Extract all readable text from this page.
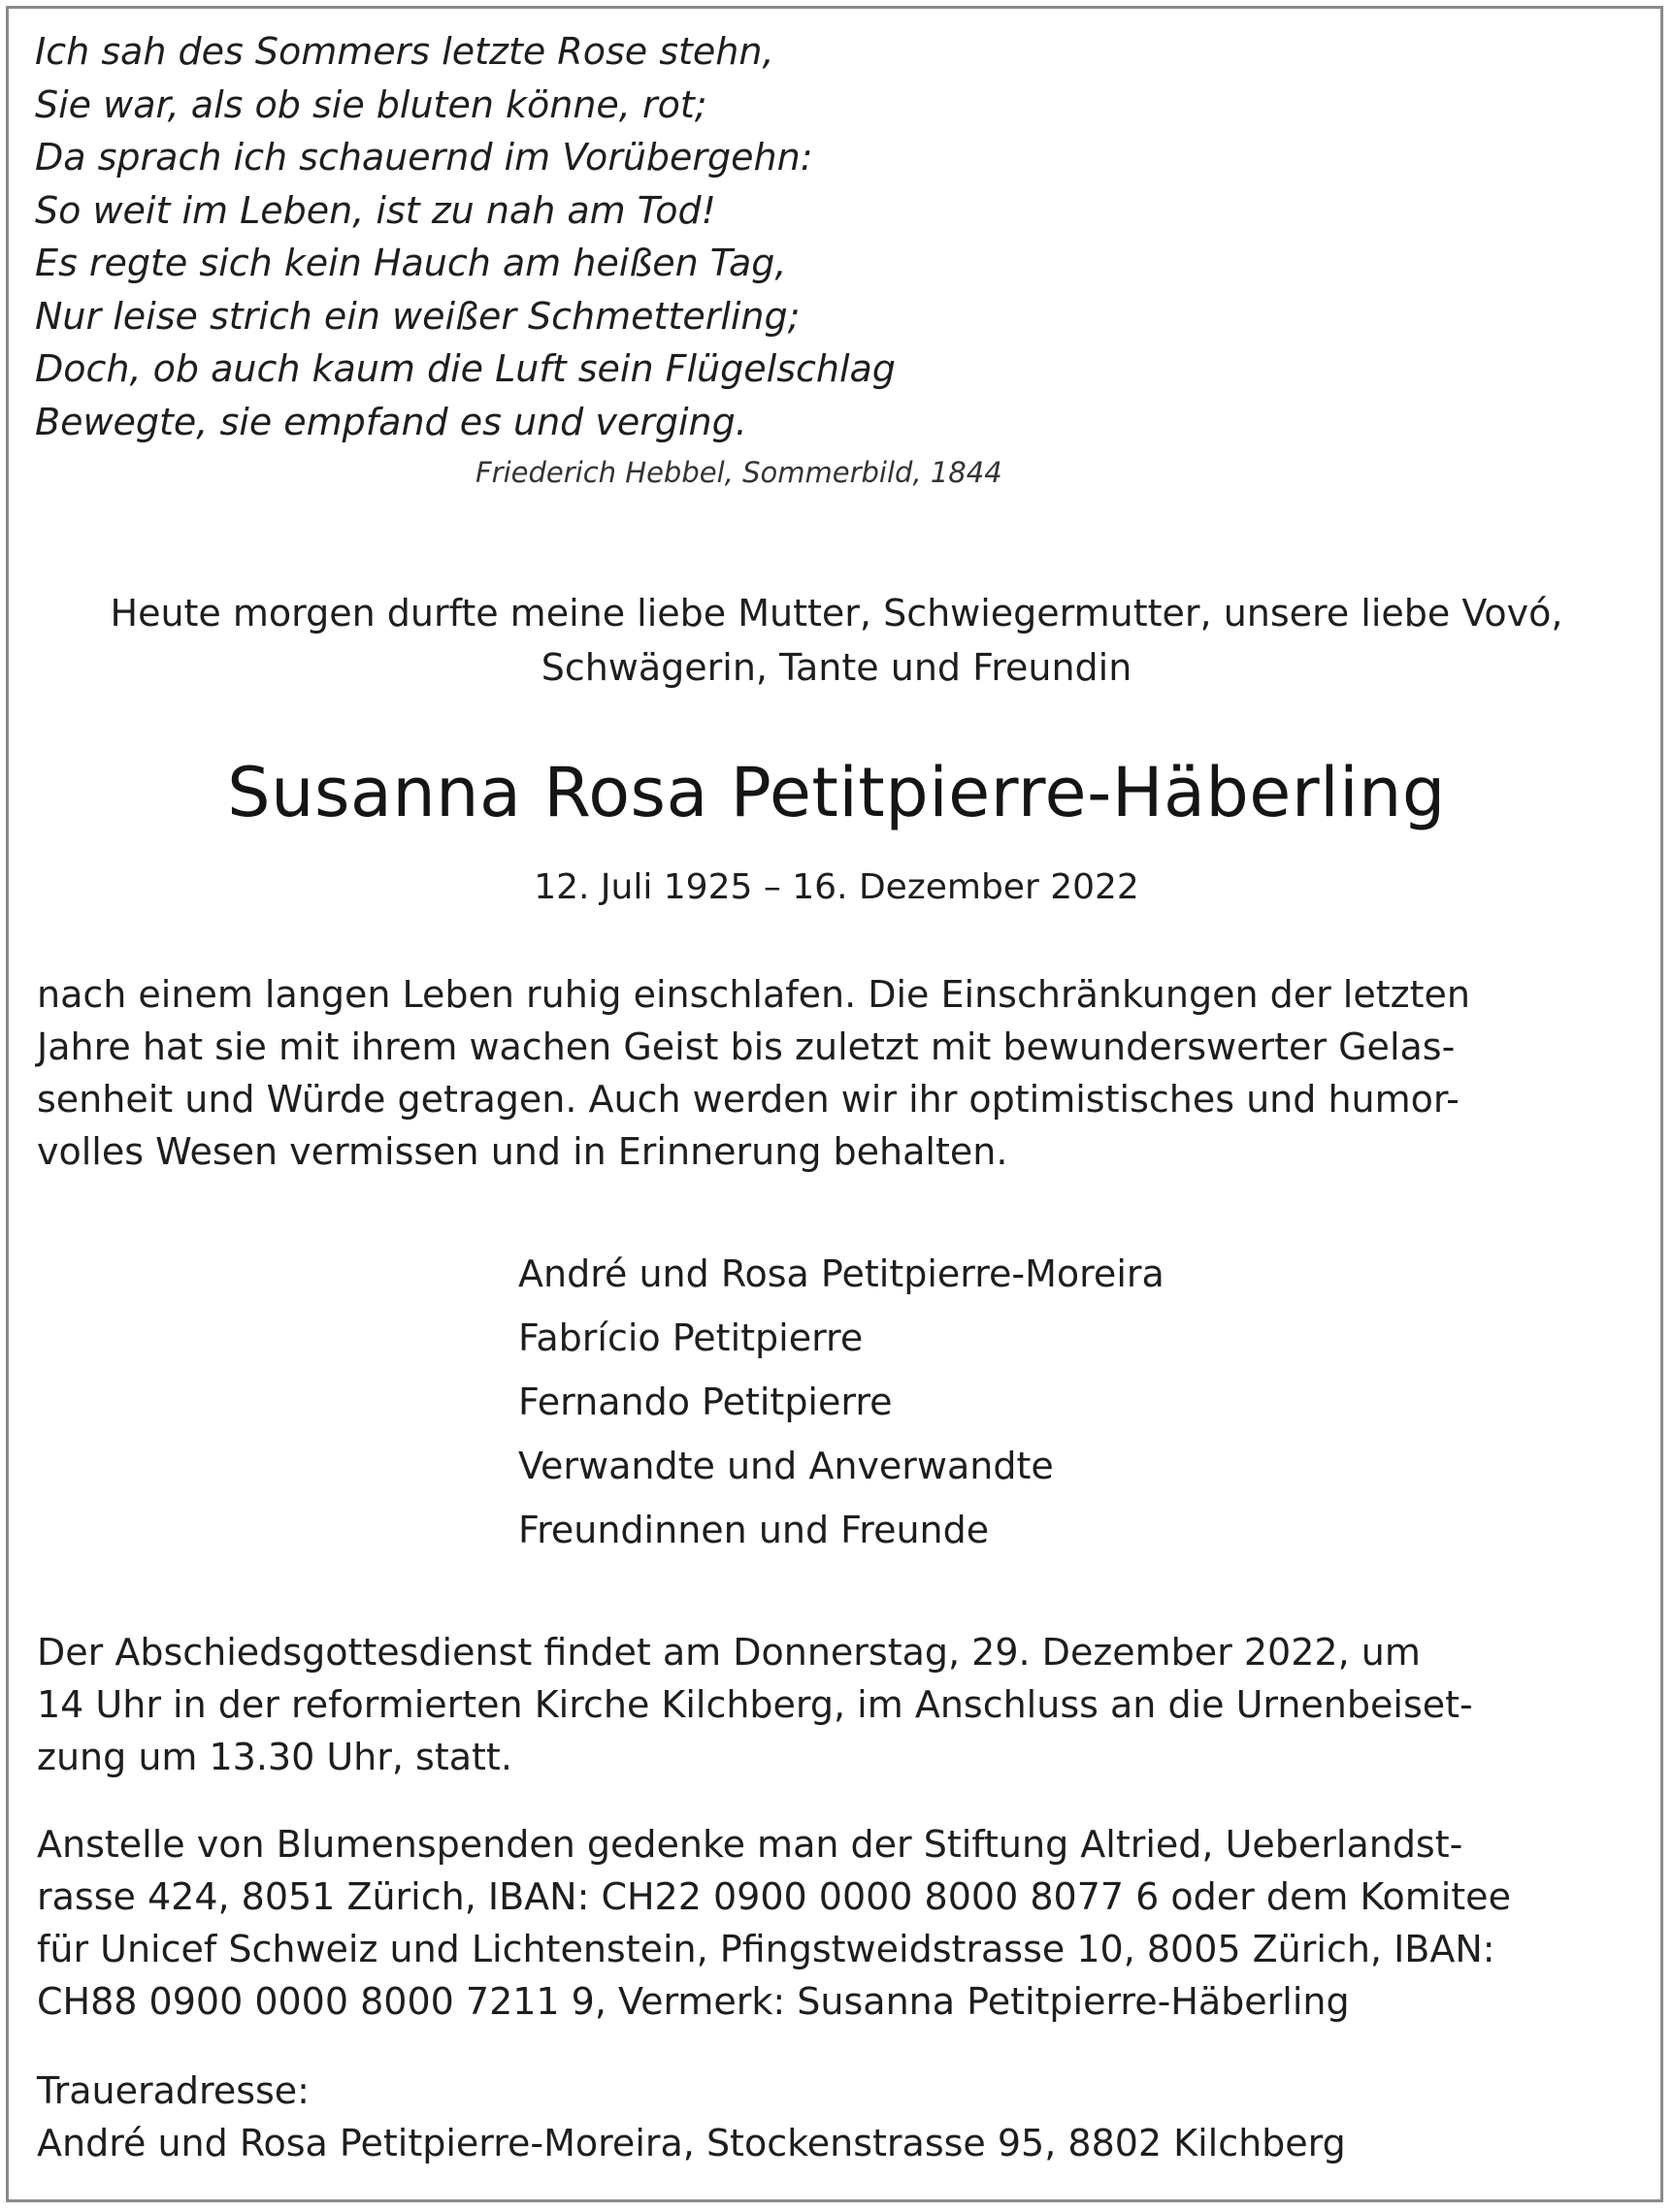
Ich sah des Sommers letzte Rose stehn,
Sie war, als ob sie bluten könne, rot;
Da sprach ich schauernd im Vorübergehn:
So weit im Leben, ist zu nah am Tod!
Es regte sich kein Hauch am heißen Tag,
Nur leise strich ein weißer Schmetterling;
Doch, ob auch kaum die Luft sein Flügelschlag
Bewegte, sie empfand es und verging.
Friederich Hebbel, Sommerbild, 1844
Heute morgen durfte meine liebe Mutter, Schwiegermutter, unsere liebe Vovó,
Schwägerin, Tante und Freundin
Susanna Rosa Petitpierre-Häberling
12. Juli 1925 – 16. Dezember 2022
nach einem langen Leben ruhig einschlafen. Die Einschränkungen der letzten
Jahre hat sie mit ihrem wachen Geist bis zuletzt mit bewunderswerter Gelas-
senheit und Würde getragen. Auch werden wir ihr optimistisches und humor-
volles Wesen vermissen und in Erinnerung behalten.
André und Rosa Petitpierre-Moreira
Fabrício Petitpierre
Fernando Petitpierre
Verwandte und Anverwandte
Freundinnen und Freunde
Der Abschiedsgottesdienst findet am Donnerstag, 29. Dezember 2022, um
14 Uhr in der reformierten Kirche Kilchberg, im Anschluss an die Urnenbeiset-
zung um 13.30 Uhr, statt.
Anstelle von Blumenspenden gedenke man der Stiftung Altried, Ueberlandst-
rasse 424, 8051 Zürich, IBAN: CH22 0900 0000 8000 8077 6 oder dem Komitee
für Unicef Schweiz und Lichtenstein, Pfingstweidstrasse 10, 8005 Zürich, IBAN:
CH88 0900 0000 8000 7211 9, Vermerk: Susanna Petitpierre-Häberling
Traueradresse:
André und Rosa Petitpierre-Moreira, Stockenstrasse 95, 8802 Kilchberg
